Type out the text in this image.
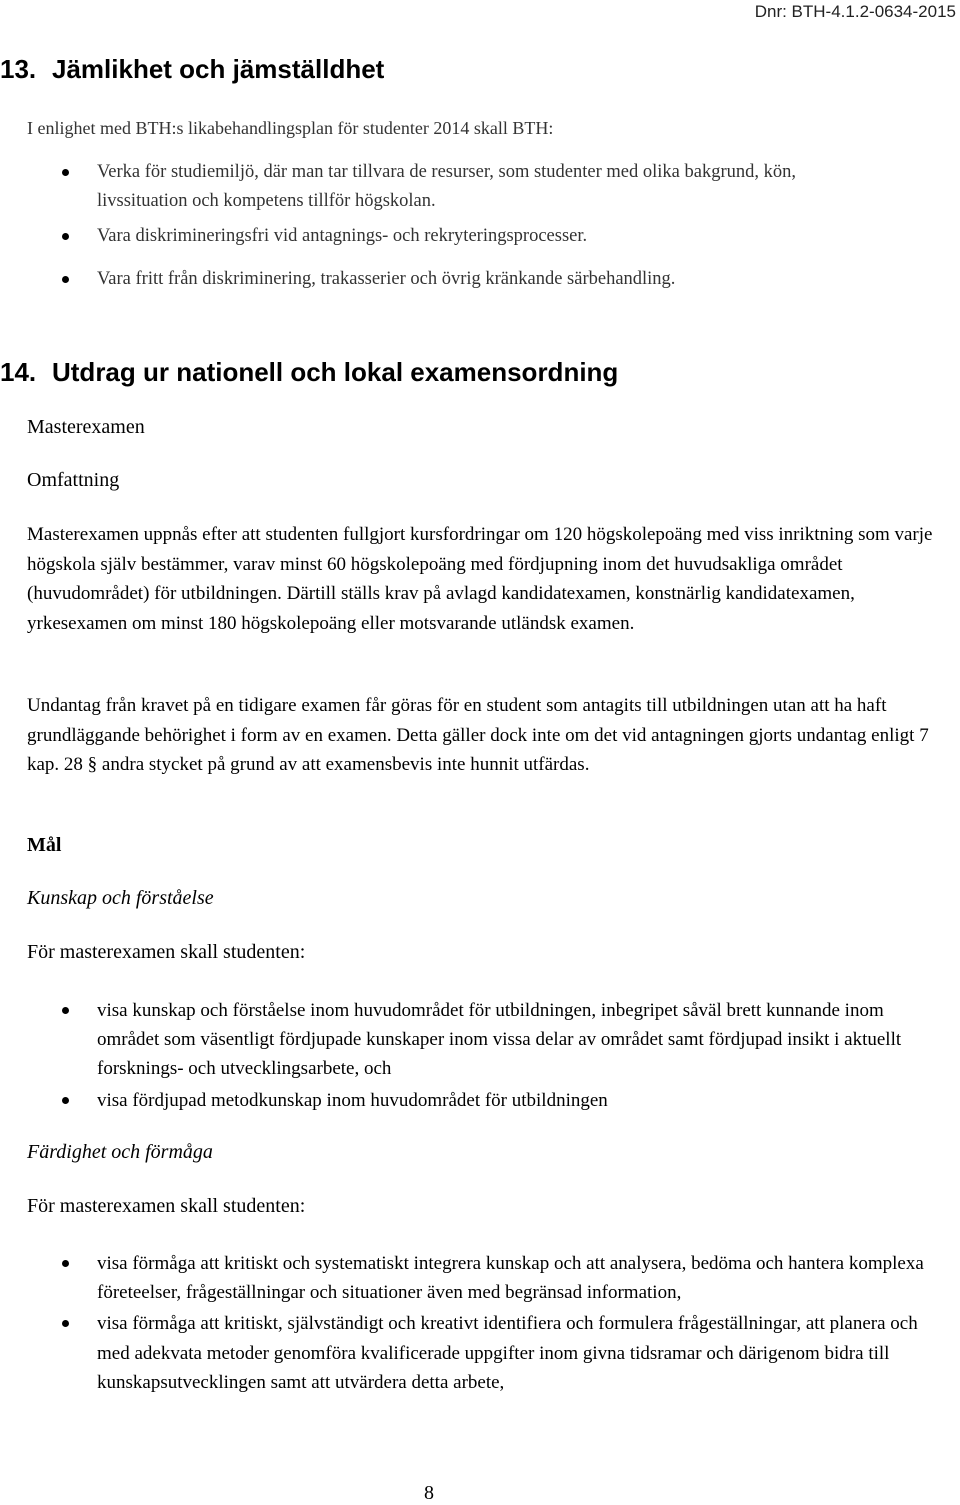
Dnr: BTH-4.1.2-0634-2015
13. Jämlikhet och jämställdhet
I enlighet med BTH:s likabehandlingsplan för studenter 2014 skall BTH:
Verka för studiemiljö, där man tar tillvara de resurser, som studenter med olika bakgrund, kön, livssituation och kompetens tillför högskolan.
Vara diskrimineringsfri vid antagnings- och rekryteringsprocesser.
Vara fritt från diskriminering, trakasserier och övrig kränkande särbehandling.
14. Utdrag ur nationell och lokal examensordning
Masterexamen
Omfattning
Masterexamen uppnås efter att studenten fullgjort kursfordringar om 120 högskolepoäng med viss inriktning som varje högskola själv bestämmer, varav minst 60 högskolepoäng med fördjupning inom det huvudsakliga området (huvudområdet) för utbildningen. Därtill ställs krav på avlagd kandidatexamen, konstnärlig kandidatexamen, yrkesexamen om minst 180 högskolepoäng eller motsvarande utländsk examen.
Undantag från kravet på en tidigare examen får göras för en student som antagits till utbildningen utan att ha haft grundläggande behörighet i form av en examen. Detta gäller dock inte om det vid antagningen gjorts undantag enligt 7 kap. 28 § andra stycket på grund av att examensbevis inte hunnit utfärdas.
Mål
Kunskap och förståelse
För masterexamen skall studenten:
visa kunskap och förståelse inom huvudområdet för utbildningen, inbegripet såväl brett kunnande inom området som väsentligt fördjupade kunskaper inom vissa delar av området samt fördjupad insikt i aktuellt forsknings- och utvecklingsarbete, och
visa fördjupad metodkunskap inom huvudområdet för utbildningen
Färdighet och förmåga
För masterexamen skall studenten:
visa förmåga att kritiskt och systematiskt integrera kunskap och att analysera, bedöma och hantera komplexa företeelser, frågeställningar och situationer även med begränsad information,
visa förmåga att kritiskt, självständigt och kreativt identifiera och formulera frågeställningar, att planera och med adekvata metoder genomföra kvalificerade uppgifter inom givna tidsramar och därigenom bidra till kunskapsutvecklingen samt att utvärdera detta arbete,
8
